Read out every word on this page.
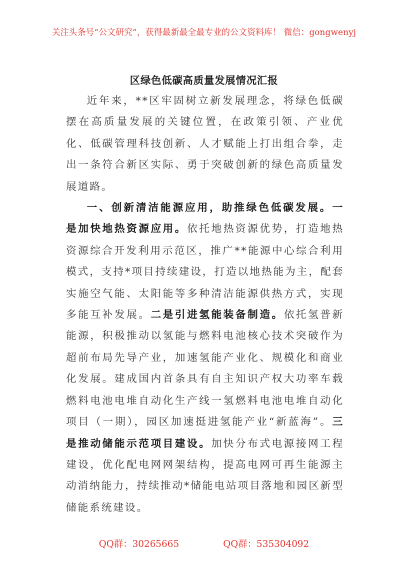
关注头条号“公文研究”，获得最新最全最专业的公文资料库！ 微信：gongwenyj
区绿色低碳高质量发展情况汇报

近年来，**区牢固树立新发展理念，将绿色低碳摆在高质量发展的关键位置，在政策引领、产业优化、低碳管理科技创新、人才赋能上打出组合拳，走出一条符合新区实际、勇于突破创新的绿色高质量发展道路。

一、创新清洁能源应用，助推绿色低碳发展。一是加快地热资源应用。依托地热资源优势，打造地热资源综合开发利用示范区，推广**能源中心综合利用模式，支持*项目持续建设，打造以地热能为主，配套实施空气能、太阳能等多种清洁能源供热方式，实现多能互补发展。二是引进氢能装备制造。依托氢普新能源，积极推动以氢能与燃料电池核心技术突破作为超前布局先导产业，加速氢能产业化、规模化和商业化发展。建成国内首条具有自主知识产权大功率车载燃料电池电堆自动化生产线一氢燃料电池电堆自动化项目（一期），园区加速挺进氢能产业“新蓝海”。三是推动储能示范项目建设。加快分布式电源接网工程建设，优化配电网网架结构，提高电网可再生能源主动消纳能力，持续推动*储能电站项目落地和园区新型储能系统建设。

QQ群：30265665	QQ群：535304092
